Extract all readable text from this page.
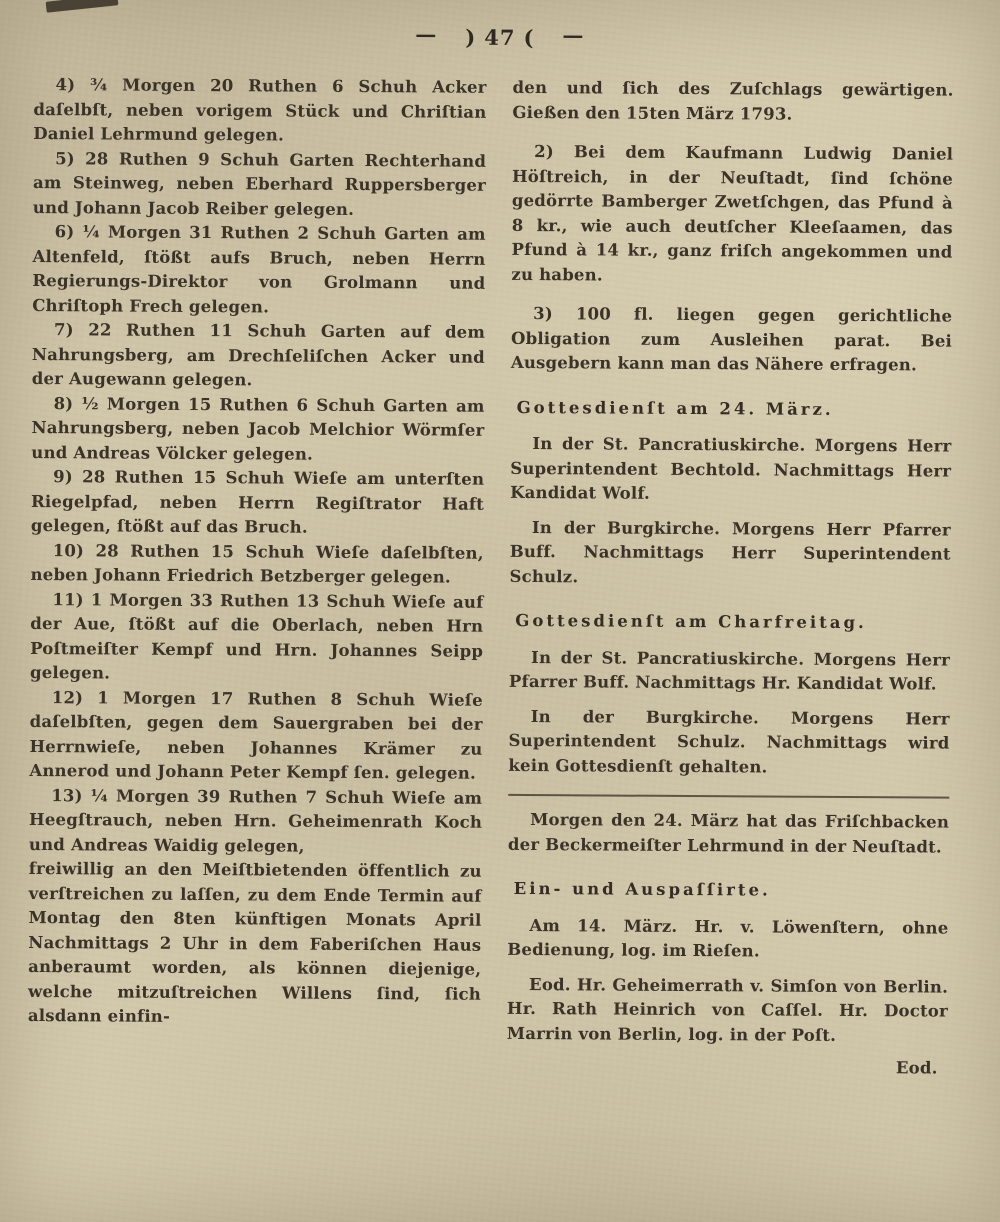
— ) 47 ( —

4) ¾ Morgen 20 Ruthen 6 Schuh Acker daſelbſt, neben vorigem Stück und Chriſtian Daniel Lehrmund gelegen.

5) 28 Ruthen 9 Schuh Garten Rechterhand am Steinweg, neben Eberhard Ruppersberger und Johann Jacob Reiber gelegen.

6) ¼ Morgen 31 Ruthen 2 Schuh Garten am Altenfeld, ſtößt aufs Bruch, neben Herrn Regierungs-Direktor von Grolmann und Chriſtoph Frech gelegen.

7) 22 Ruthen 11 Schuh Garten auf dem Nahrungsberg, am Drechſeliſchen Acker und der Augewann gelegen.

8) ½ Morgen 15 Ruthen 6 Schuh Garten am Nahrungsberg, neben Jacob Melchior Wörmſer und Andreas Völcker gelegen.

9) 28 Ruthen 15 Schuh Wieſe am unterſten Riegelpfad, neben Herrn Regiſtrator Haft gelegen, ſtößt auf das Bruch.

10) 28 Ruthen 15 Schuh Wieſe daſelbſten, neben Johann Friedrich Betzberger gelegen.

11) 1 Morgen 33 Ruthen 13 Schuh Wieſe auf der Aue, ſtößt auf die Oberlach, neben Hrn Poſtmeiſter Kempf und Hrn. Johannes Seipp gelegen.

12) 1 Morgen 17 Ruthen 8 Schuh Wieſe daſelbſten, gegen dem Sauergraben bei der Herrnwieſe, neben Johannes Krämer zu Annerod und Johann Peter Kempf ſen. gelegen.

13) ¼ Morgen 39 Ruthen 7 Schuh Wieſe am Heegſtrauch, neben Hrn. Geheimenrath Koch und Andreas Waidig gelegen,

freiwillig an den Meiſtbietenden öffentlich zu verſtreichen zu laſſen, zu dem Ende Termin auf Montag den 8ten künftigen Monats April Nachmittags 2 Uhr in dem Faberiſchen Haus anberaumt worden, als können diejenige, welche mitzuſtreichen Willens ſind, ſich alsdann einfin-

den und ſich des Zuſchlags gewärtigen. Gießen den 15ten März 1793.

2) Bei dem Kaufmann Ludwig Daniel Höſtreich, in der Neuſtadt, ſind ſchöne gedörrte Bamberger Zwetſchgen, das Pfund à 8 kr., wie auch deutſcher Kleeſaamen, das Pfund à 14 kr., ganz friſch angekommen und zu haben.

3) 100 fl. liegen gegen gerichtliche Obligation zum Ausleihen parat. Bei Ausgebern kann man das Nähere erfragen.

Gottesdienſt am 24. März.

In der St. Pancratiuskirche. Morgens Herr Superintendent Bechtold. Nachmittags Herr Kandidat Wolf.

In der Burgkirche. Morgens Herr Pfarrer Buff. Nachmittags Herr Superintendent Schulz.

Gottesdienſt am Charfreitag.

In der St. Pancratiuskirche. Morgens Herr Pfarrer Buff. Nachmittags Hr. Kandidat Wolf.

In der Burgkirche. Morgens Herr Superintendent Schulz. Nachmittags wird kein Gottesdienſt gehalten.

Morgen den 24. März hat das Friſchbacken der Beckermeiſter Lehrmund in der Neuſtadt.

Ein- und Auspaſſirte.

Am 14. März. Hr. v. Löwenſtern, ohne Bedienung, log. im Rieſen.

Eod. Hr. Geheimerrath v. Simſon von Berlin. Hr. Rath Heinrich von Caſſel. Hr. Doctor Marrin von Berlin, log. in der Poſt.

Eod.
